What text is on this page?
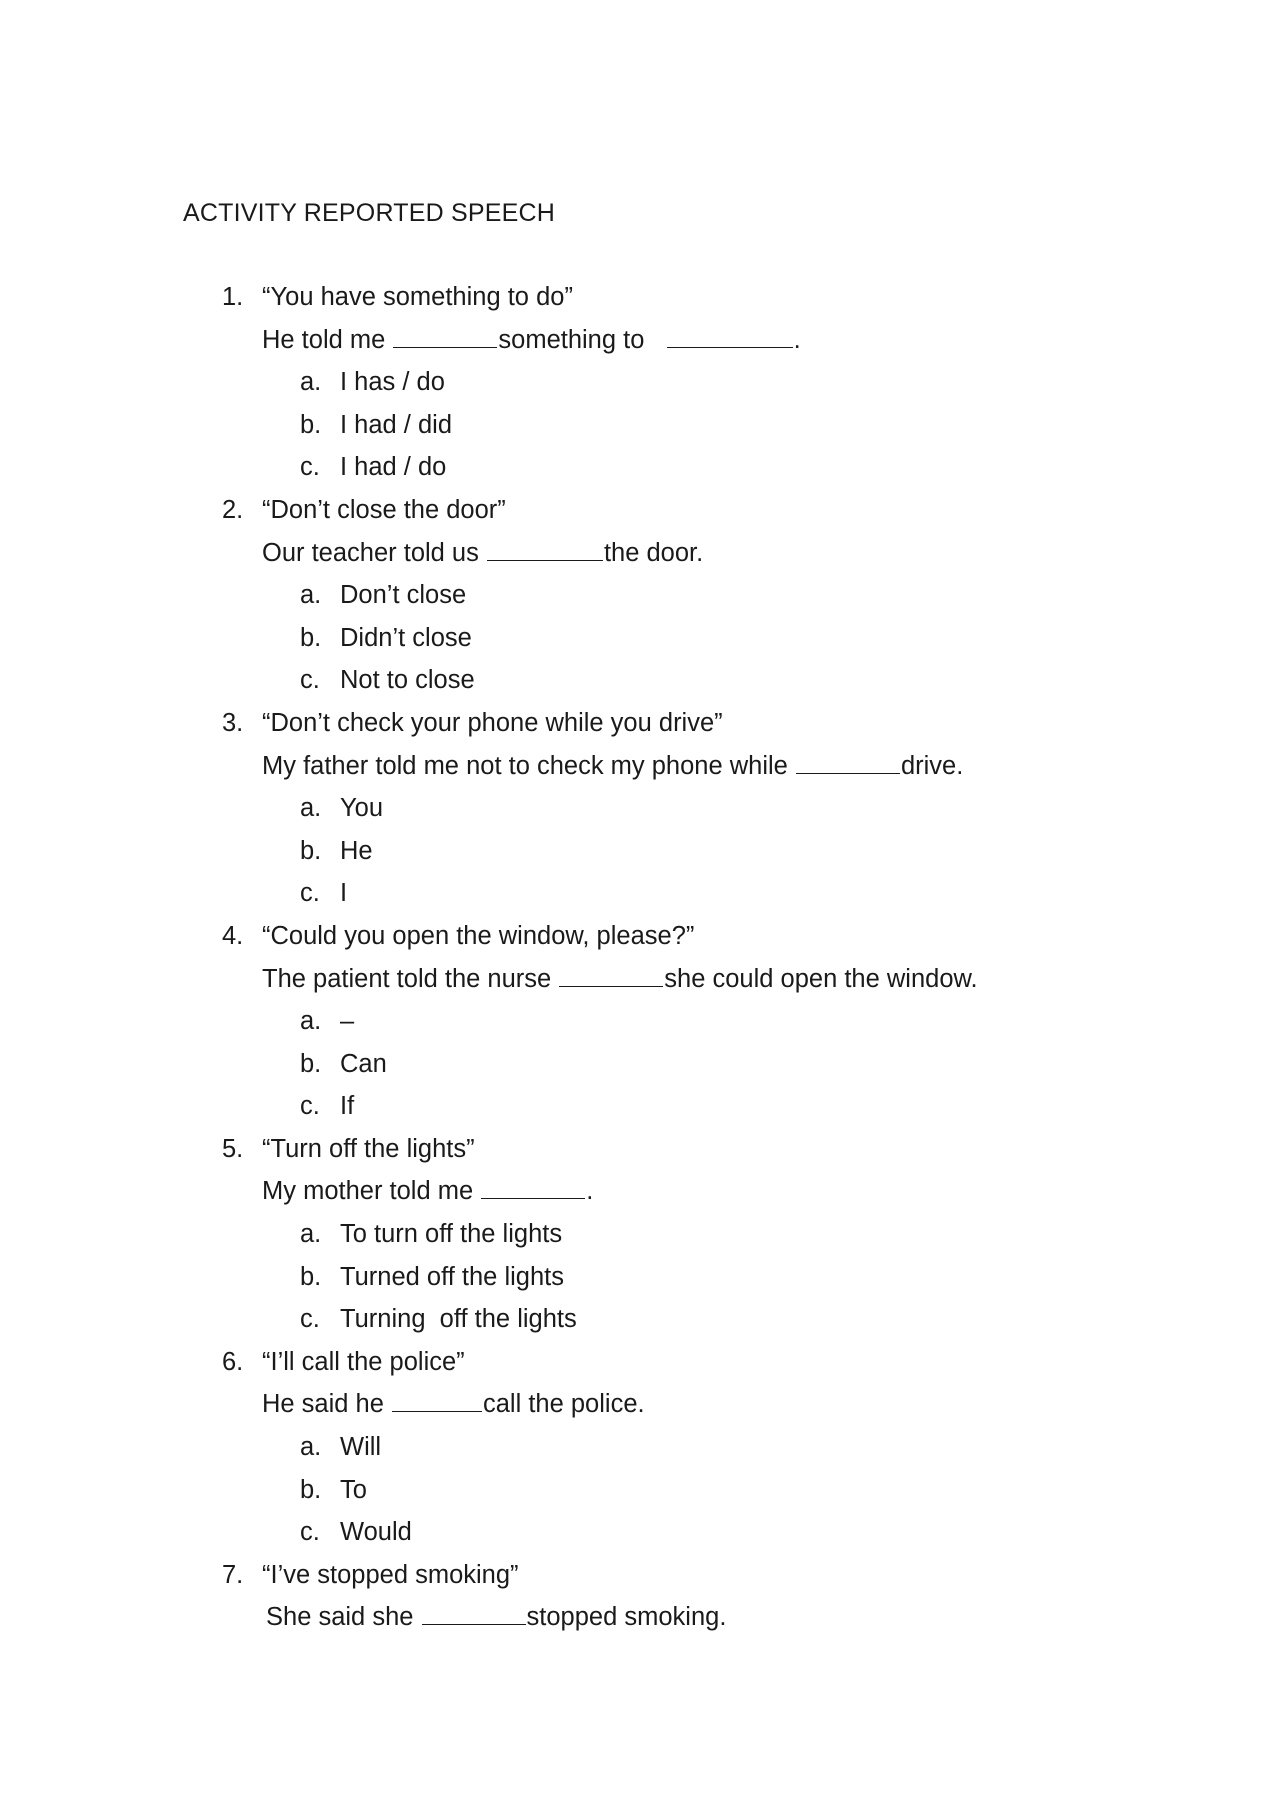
ACTIVITY REPORTED SPEECH
1. “You have something to do”
He told me	something to	.
a. I has / do
b. I had / did
c. I had / do
2. “Don’t close the door”
Our teacher told us	the door.
a. Don’t close
b. Didn’t close
c. Not to close
3. “Don’t check your phone while you drive”
My father told me not to check my phone while	drive.
a. You
b. He
c. I
4. “Could you open the window, please?”
The patient told the nurse	she could open the window.
a. –
b. Can
c. If
5. “Turn off the lights”
My mother told me	.
a. To turn off the lights
b. Turned off the lights
c. Turning  off the lights
6. “I’ll call the police”
He said he	call the police.
a. Will
b. To
c. Would
7. “I’ve stopped smoking”
She said she	stopped smoking.
